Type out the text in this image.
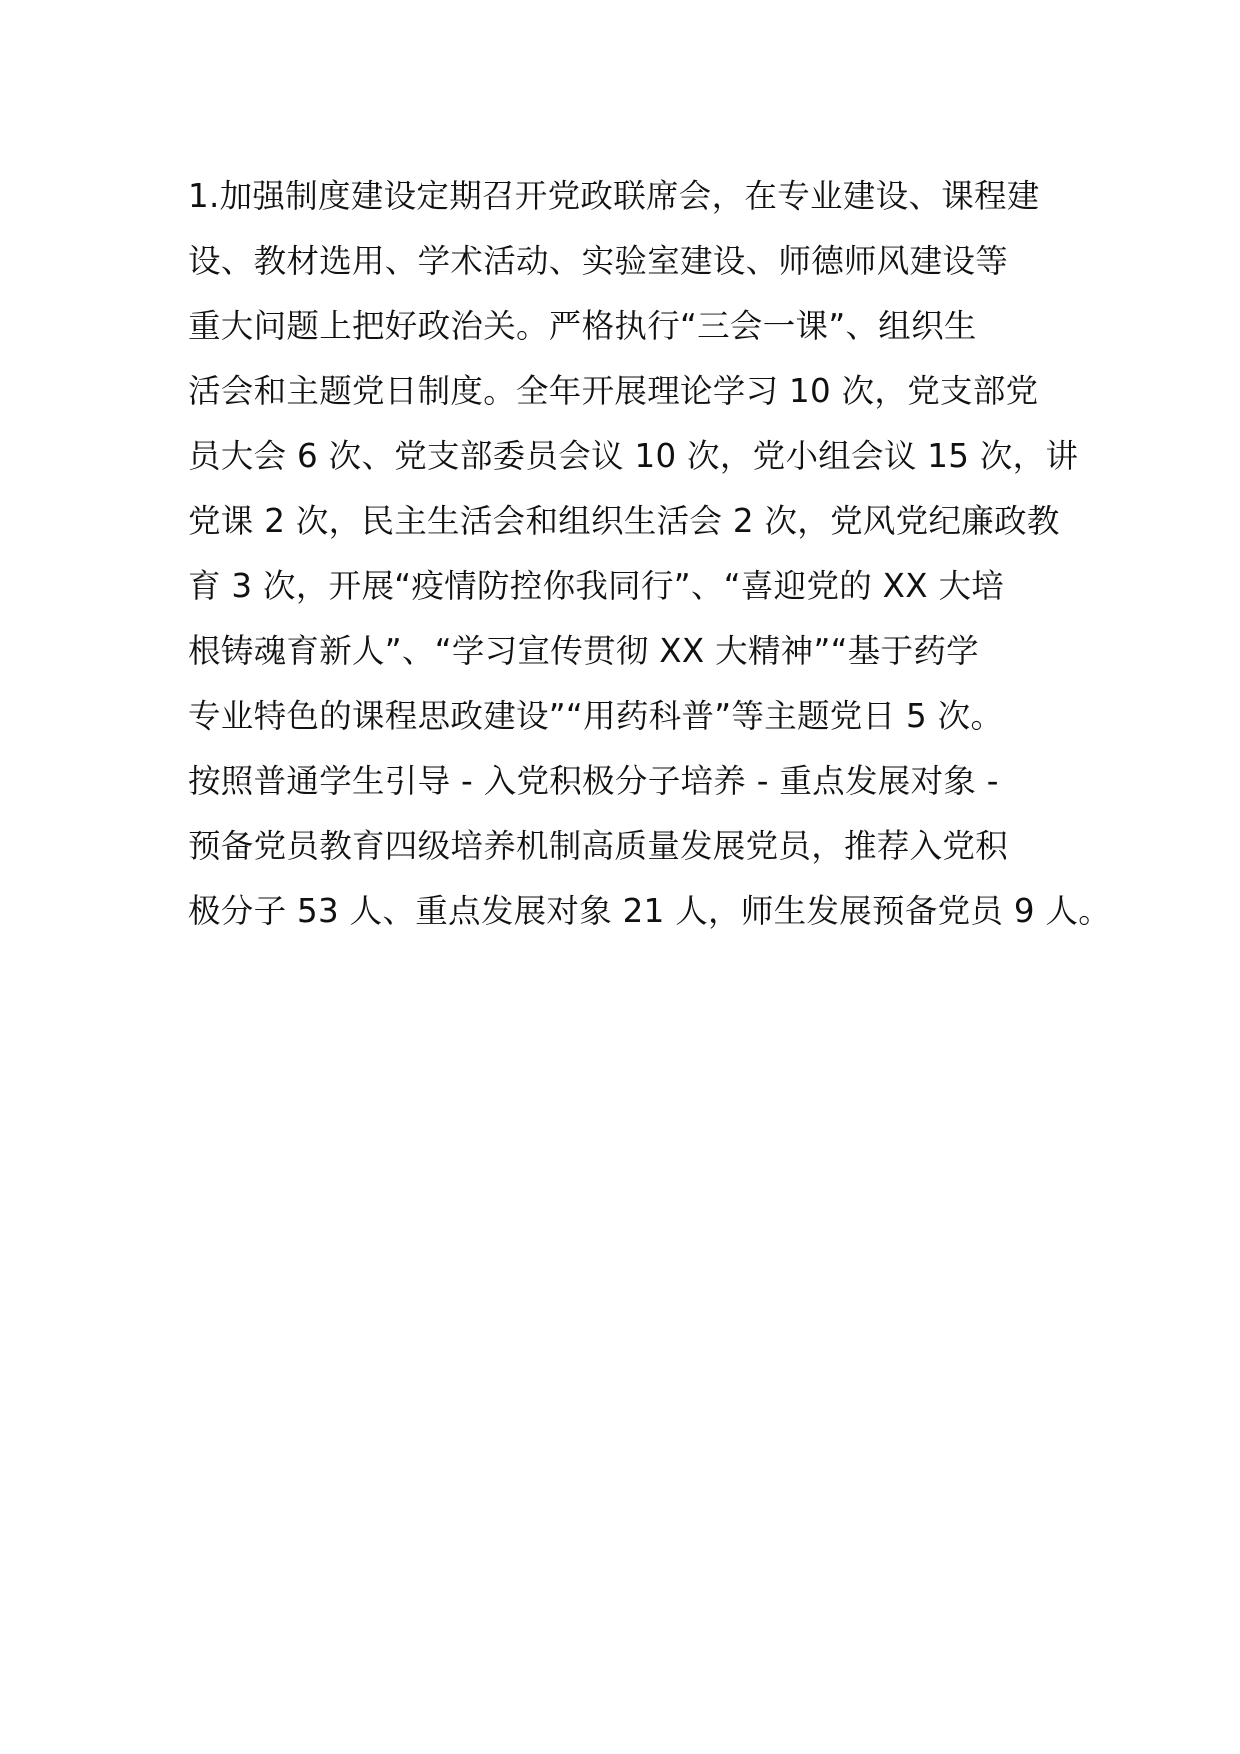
1.加强制度建设定期召开党政联席会，在专业建设、课程建
设、教材选用、学术活动、实验室建设、师德师风建设等
重大问题上把好政治关。严格执行“三会一课”、组织生
活会和主题党日制度。全年开展理论学习 10 次，党支部党
员大会 6 次、党支部委员会议 10 次，党小组会议 15 次，讲
党课 2 次，民主生活会和组织生活会 2 次，党风党纪廉政教
育 3 次，开展“疫情防控你我同行”、“喜迎党的 XX 大培
根铸魂育新人”、“学习宣传贯彻 XX 大精神”“基于药学
专业特色的课程思政建设”“用药科普”等主题党日 5 次。
按照普通学生引导 - 入党积极分子培养 - 重点发展对象 -
预备党员教育四级培养机制高质量发展党员，推荐入党积
极分子 53 人、重点发展对象 21 人，师生发展预备党员 9 人。
